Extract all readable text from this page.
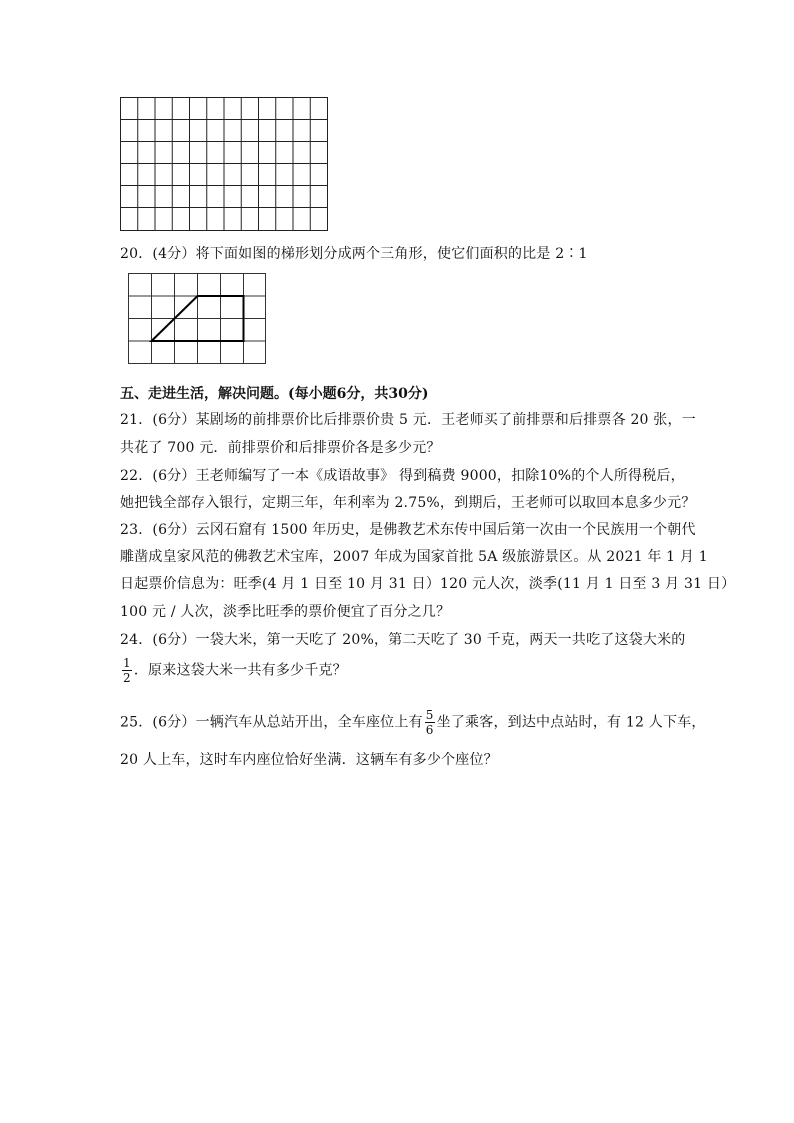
20．(4分）将下面如图的梯形划分成两个三角形，使它们面积的比是 2∶1
五、走进生活，解决问题。(每小题6分，共30分)
21．(6分）某剧场的前排票价比后排票价贵 5 元．王老师买了前排票和后排票各 20 张，一
共花了 700 元．前排票价和后排票价各是多少元？
22．(6分）王老师编写了一本《成语故事》 得到稿费 9000，扣除10%的个人所得税后，
她把钱全部存入银行，定期三年，年利率为 2.75%，到期后，王老师可以取回本息多少元？
23．(6分）云冈石窟有 1500 年历史，是佛教艺术东传中国后第一次由一个民族用一个朝代
雕凿成皇家风范的佛教艺术宝库，2007 年成为国家首批 5A 级旅游景区。从 2021 年 1 月 1
日起票价信息为：旺季(4 月 1 日至 10 月 31 日）120 元人次，淡季(11 月 1 日至 3 月 31 日）
100 元 / 人次，淡季比旺季的票价便宜了百分之几？
24．(6分）一袋大米，第一天吃了 20%，第二天吃了 30 千克，两天一共吃了这袋大米的
$\frac{1}{2}$ ．原来这袋大米一共有多少千克？
25．(6分）一辆汽车从总站开出，全车座位上有 $\frac{5}{6}$ 坐了乘客，到达中点站时，有 12 人下车，
20 人上车，这时车内座位恰好坐满．这辆车有多少个座位？
